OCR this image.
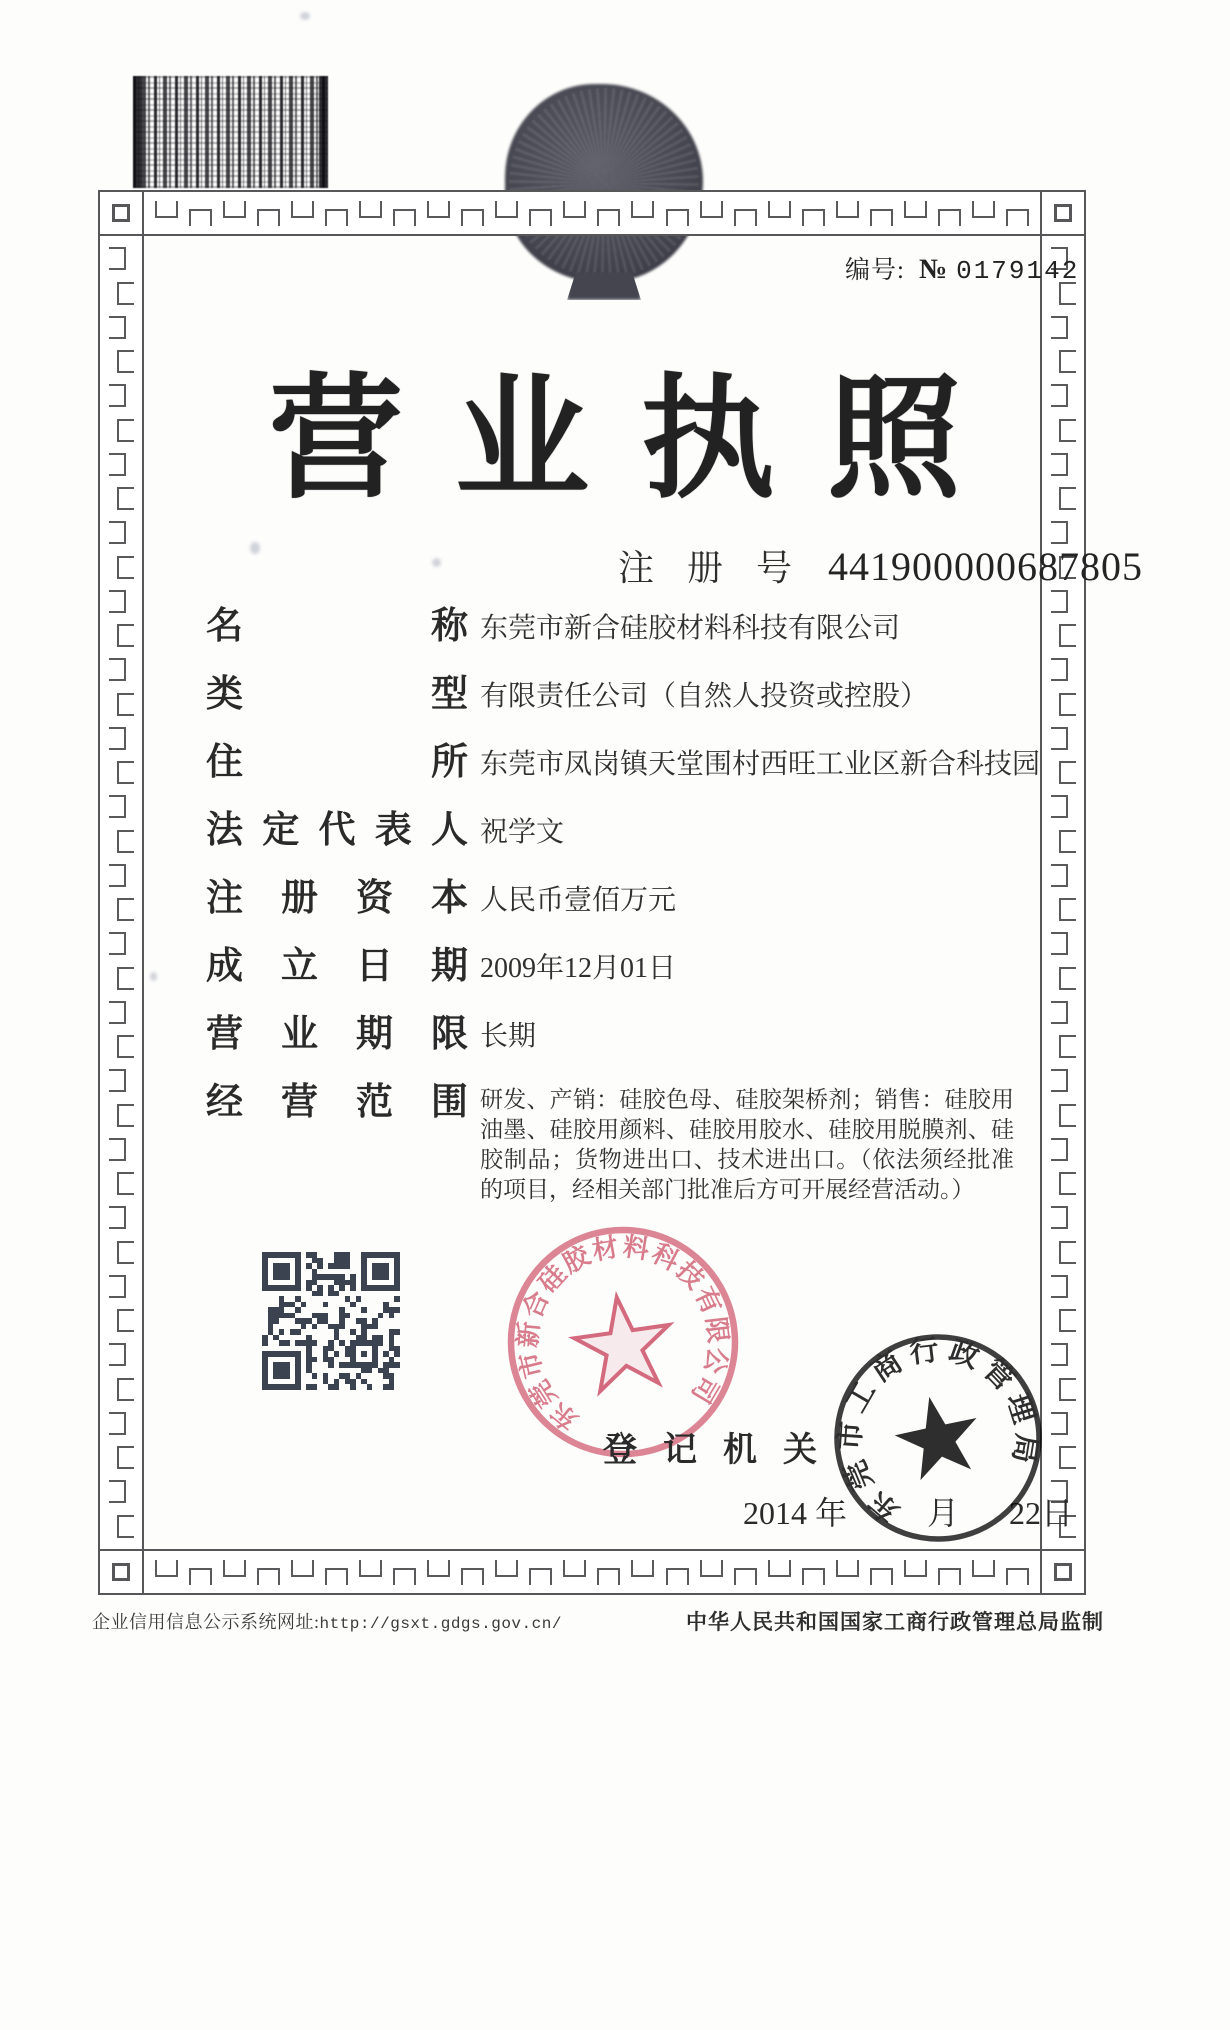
编号: № 0179142
营业执照
注 册 号 441900000687805
名称 东莞市新合硅胶材料科技有限公司
类型 有限责任公司（自然人投资或控股）
住所 东莞市凤岗镇天堂围村西旺工业区新合科技园
法定代表人 祝学文
注册资本 人民币壹佰万元
成立日期 2009年12月01日
营业期限 长期
经营范围 研发、产销：硅胶色母、硅胶架桥剂；销售：硅胶用油墨、硅胶用颜料、硅胶用胶水、硅胶用脱膜剂、硅胶制品；货物进出口、技术进出口。（依法须经批准的项目，经相关部门批准后方可开展经营活动。）
东莞市新合硅胶材料科技有限公司
登记机关
2014 年	月 22日
东莞市工商行政管理局
企业信用信息公示系统网址:http://gsxt.gdgs.gov.cn/	中华人民共和国国家工商行政管理总局监制
